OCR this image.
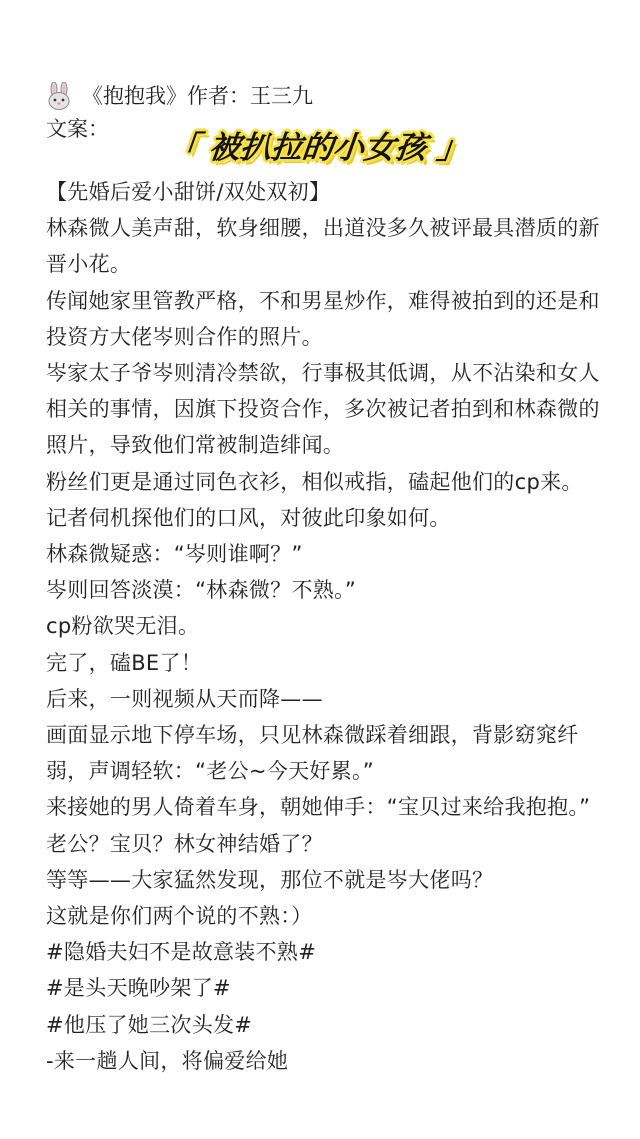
《抱抱我》作者：王三九
文案：
「 被扒拉的小女孩 」

【先婚后爱小甜饼/双处双初】

林森微人美声甜，软身细腰，出道没多久被评最具潜质的新晋小花。

传闻她家里管教严格，不和男星炒作，难得被拍到的还是和投资方大佬岑则合作的照片。

岑家太子爷岑则清冷禁欲，行事极其低调，从不沾染和女人相关的事情，因旗下投资合作，多次被记者拍到和林森微的照片，导致他们常被制造绯闻。

粉丝们更是通过同色衣衫，相似戒指，磕起他们的cp来。

记者伺机探他们的口风，对彼此印象如何。

林森微疑惑：“岑则谁啊？”

岑则回答淡漠：“林森微？不熟。”

cp粉欲哭无泪。

完了，磕BE了！

后来，一则视频从天而降——

画面显示地下停车场，只见林森微踩着细跟，背影窈窕纤弱，声调轻软：“老公~今天好累。”

来接她的男人倚着车身，朝她伸手：“宝贝过来给我抱抱。”

老公？宝贝？林女神结婚了？

等等——大家猛然发现，那位不就是岑大佬吗？

这就是你们两个说的不熟：）

#隐婚夫妇不是故意装不熟#

#是头天晚吵架了#

#他压了她三次头发#

-来一趟人间，将偏爱给她
